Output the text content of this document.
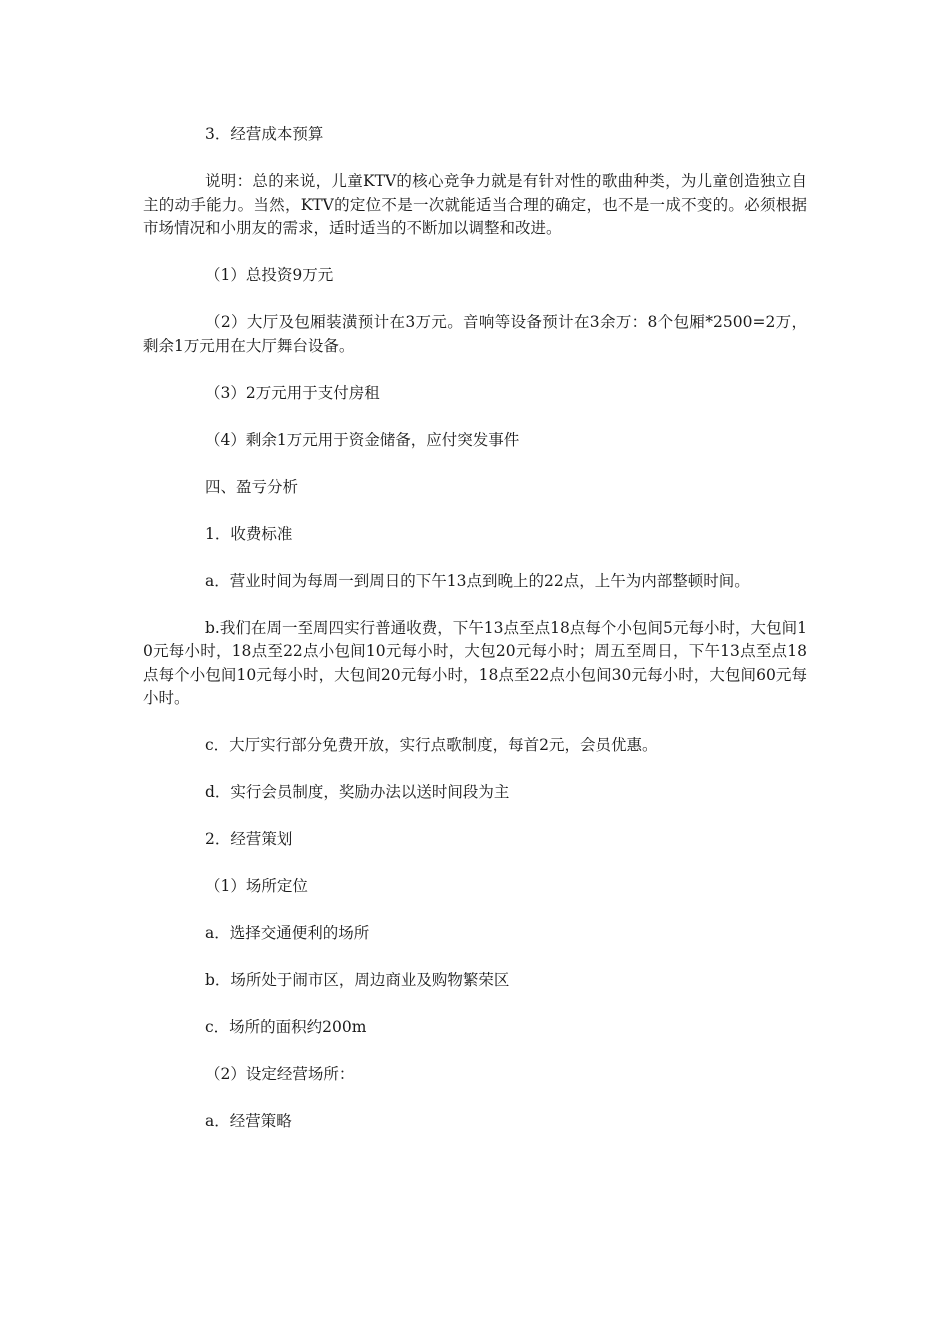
3．经营成本预算

说明：总的来说，儿童KTV的核心竞争力就是有针对性的歌曲种类，为儿童创造独立自主的动手能力。当然，KTV的定位不是一次就能适当合理的确定，也不是一成不变的。必须根据市场情况和小朋友的需求，适时适当的不断加以调整和改进。

（1）总投资9万元

（2）大厅及包厢装潢预计在3万元。音响等设备预计在3余万：8个包厢*2500=2万，剩余1万元用在大厅舞台设备。

（3）2万元用于支付房租

（4）剩余1万元用于资金储备，应付突发事件

四、盈亏分析

1．收费标准

a．营业时间为每周一到周日的下午13点到晚上的22点，上午为内部整顿时间。

b.我们在周一至周四实行普通收费，下午13点至点18点每个小包间5元每小时，大包间10元每小时，18点至22点小包间10元每小时，大包20元每小时；周五至周日，下午13点至点18点每个小包间10元每小时，大包间20元每小时，18点至22点小包间30元每小时，大包间60元每小时。

c．大厅实行部分免费开放，实行点歌制度，每首2元，会员优惠。

d．实行会员制度，奖励办法以送时间段为主

2．经营策划

（1）场所定位

a．选择交通便利的场所

b．场所处于闹市区，周边商业及购物繁荣区

c．场所的面积约200m

（2）设定经营场所：

a．经营策略
